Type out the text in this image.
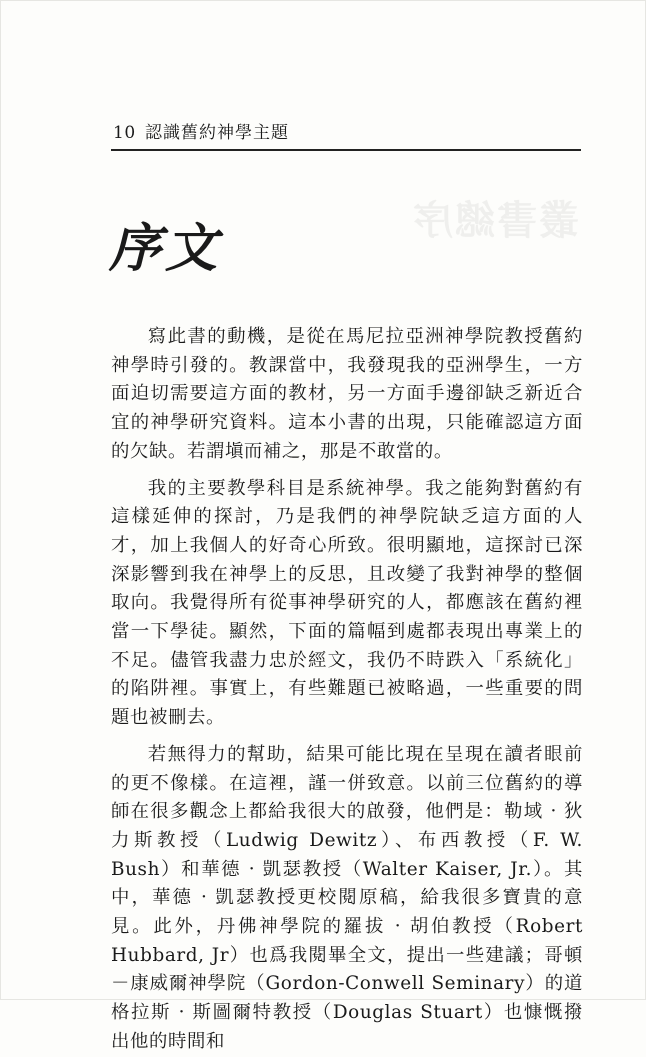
叢書總序
10 認識舊約神學主題
序文

寫此書的動機，是從在馬尼拉亞洲神學院教授舊約神學時引發的。教課當中，我發現我的亞洲學生，一方面迫切需要這方面的教材，另一方面手邊卻缺乏新近合宜的神學研究資料。這本小書的出現，只能確認這方面的欠缺。若謂塡而補之，那是不敢當的。

我的主要教學科目是系統神學。我之能夠對舊約有這樣延伸的探討，乃是我們的神學院缺乏這方面的人才，加上我個人的好奇心所致。很明顯地，這探討已深深影響到我在神學上的反思，且改變了我對神學的整個取向。我覺得所有從事神學研究的人，都應該在舊約裡當一下學徒。顯然，下面的篇幅到處都表現出專業上的不足。儘管我盡力忠於經文，我仍不時跌入「系統化」的陷阱裡。事實上，有些難題已被略過，一些重要的問題也被刪去。

若無得力的幫助，結果可能比現在呈現在讀者眼前的更不像樣。在這裡，謹一併致意。以前三位舊約的導師在很多觀念上都給我很大的啟發，他們是：勒域 · 狄力斯教授（Ludwig Dewitz）、布西教授（F. W. Bush）和華德 · 凱瑟教授（Walter Kaiser, Jr.）。其中，華德 · 凱瑟教授更校閱原稿，給我很多寶貴的意見。此外，丹佛神學院的羅拔 · 胡伯教授（Robert Hubbard, Jr）也爲我閱畢全文，提出一些建議；哥頓－康威爾神學院（Gordon-Conwell Seminary）的道格拉斯 · 斯圖爾特教授（Douglas Stuart）也慷慨撥出他的時間和
